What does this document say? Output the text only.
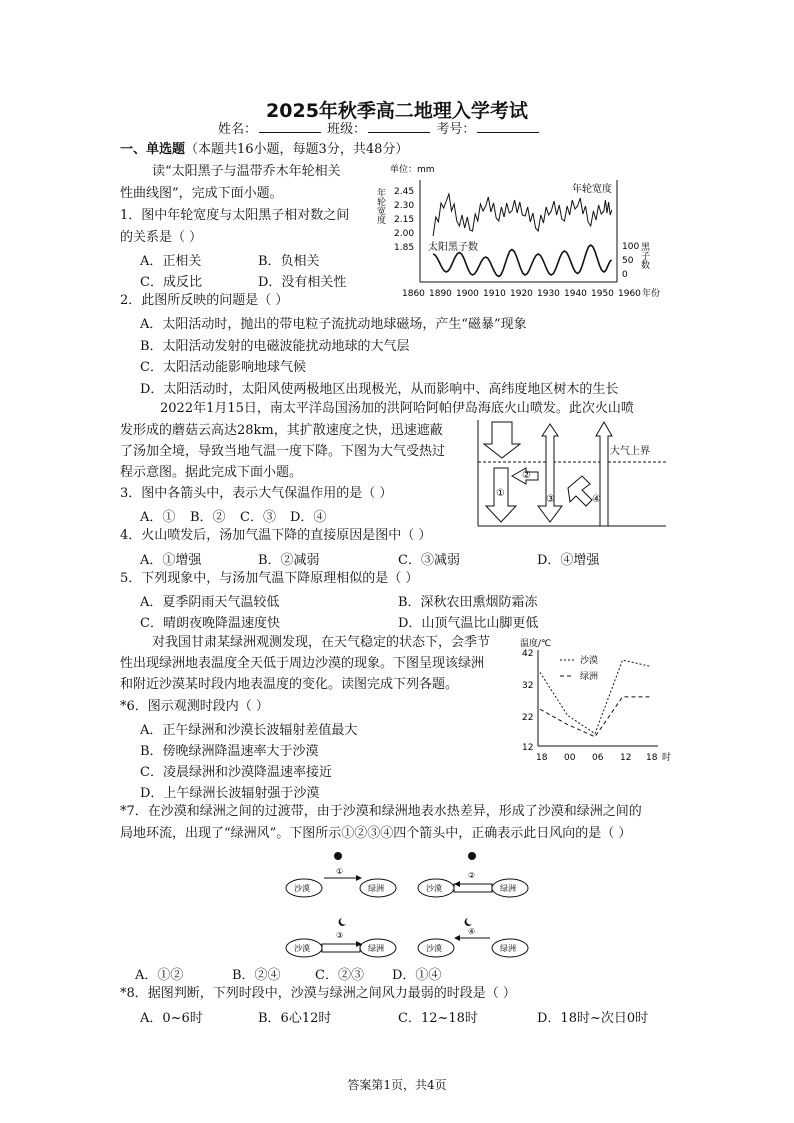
2025年秋季高二地理入学考试
姓名：	班级：	考号：
一、单选题（本题共16小题，每题3分，共48分）
读“太阳黑子与温带乔木年轮相关
性曲线图”，完成下面小题。
1．图中年轮宽度与太阳黑子相对数之间
的关系是（ ）
A．正相关	B．负相关
C．成反比	D．没有相关性
单位：mm
2.45
2.30
2.15
2.00
1.85
年轮宽度	年轮宽度
太阳黑子数	100
50
0
黑子数
1860 1890 1900 1910 1920 1930 1940 1950 1960 年份
2．此图所反映的问题是（ ）
A．太阳活动时，抛出的带电粒子流扰动地球磁场，产生“磁暴”现象
B．太阳活动发射的电磁波能扰动地球的大气层
C．太阳活动能影响地球气候
D．太阳活动时，太阳风使两极地区出现极光，从而影响中、高纬度地区树木的生长
2022年1月15日，南太平洋岛国汤加的洪阿哈阿帕伊岛海底火山喷发。此次火山喷
发形成的蘑菇云高达28km，其扩散速度之快，迅速遮蔽
了汤加全境，导致当地气温一度下降。下图为大气受热过
程示意图。据此完成下面小题。
大气上界
①
②
③	④
3．图中各箭头中，表示大气保温作用的是（ ）
A．① B．② C．③ D．④
4．火山喷发后，汤加气温下降的直接原因是图中（ ）
A．①增强	B．②减弱	C．③减弱	D．④增强
5．下列现象中，与汤加气温下降原理相似的是（ ）
A．夏季阴雨天气温较低	B．深秋农田熏烟防霜冻
C．晴朗夜晚降温速度快	D．山顶气温比山脚更低
对我国甘肃某绿洲观测发现，在天气稳定的状态下，会季节
性出现绿洲地表温度全天低于周边沙漠的现象。下图呈现该绿洲
和附近沙漠某时段内地表温度的变化。读图完成下列各题。
温度/℃
42
32
22
12
沙漠
绿洲
18 00 06 12 18 时
*6．图示观测时段内（ ）
A．正午绿洲和沙漠长波辐射差值最大
B．傍晚绿洲降温速率大于沙漠
C．凌晨绿洲和沙漠降温速率接近
D．上午绿洲长波辐射强于沙漠
*7．在沙漠和绿洲之间的过渡带，由于沙漠和绿洲地表水热差异，形成了沙漠和绿洲之间的
局地环流，出现了“绿洲风”。下图所示①②③④四个箭头中，正确表示此日风向的是（ ）
沙漠	绿洲
①
沙漠	绿洲
②
沙漠	绿洲
③
沙漠	绿洲
④
A．①②	B．②④	C．②③ D．①④
*8．据图判断，下列时段中，沙漠与绿洲之间风力最弱的时段是（ ）
A．0~6时	B．6心12时	C．12~18时	D．18时~次日0时
答案第1页，共4页
